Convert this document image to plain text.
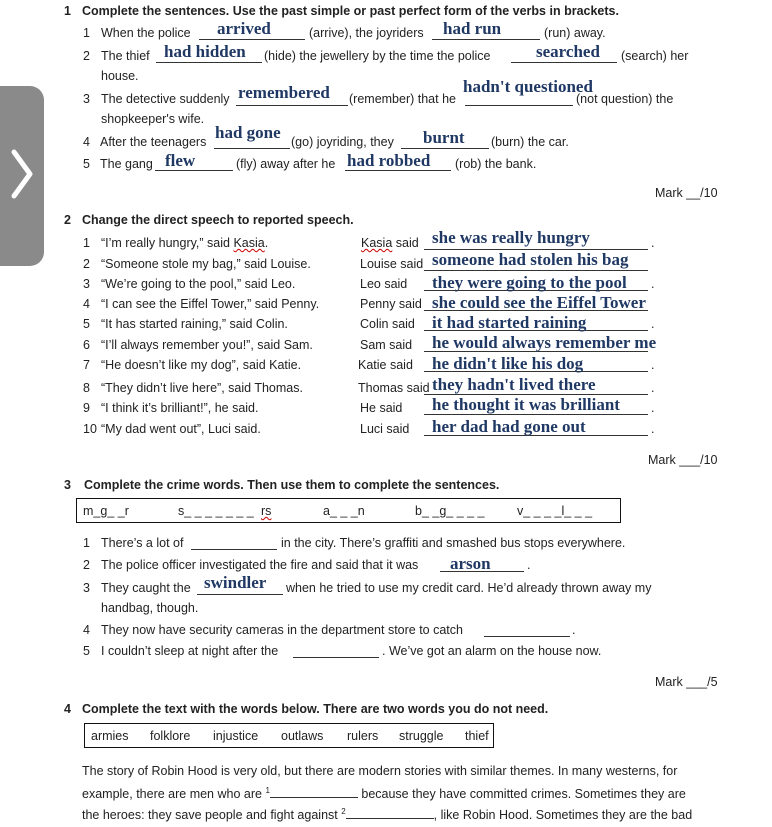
1 Complete the sentences. Use the past simple or past perfect form of the verbs in brackets.
1 When the police arrived	(arrive), the joyriders had run	(run) away.
2 The thief had hidden (hide) the jewellery by the time the police	searched (search) her
house.
3 The detective suddenly remembered (remember) that he
hadn't questioned
(not question) the
shopkeeper's wife.
4 After the teenagers had gone (go) joyriding, they burnt (burn) the car.
5 The gang flew	(fly) away after he had robbed (rob) the bank.
Mark __/10
2 Change the direct speech to reported speech.
1 “I’m really hungry,” said Kasia.	Kasia said she was really hungry	.
2 “Someone stole my bag,” said Louise.	Louise said someone had stolen his bag
3 “We’re going to the pool,” said Leo.	Leo said they were going to the pool .
4 “I can see the Eiffel Tower,” said Penny.	Penny said she could see the Eiffel Tower
5 “It has started raining,” said Colin.	Colin said it had started raining	.
6 “I’ll always remember you!”, said Sam.	Sam said he would always remember me
7 “He doesn’t like my dog”, said Katie.	Katie said he didn't like his dog	.
8 “They didn’t live here”, said Thomas.	Thomas said they hadn't lived there	.
9 “I think it’s brilliant!”, he said.	He said he thought it was brilliant .
10 “My dad went out”, Luci said.	Luci said her dad had gone out	.
Mark ___/10
3 Complete the crime words. Then use them to complete the sentences.
m_g_ _r	s_ _ _ _ _ _ _ rs	a_ _ _n	b_ _g_ _ _ _	v_ _ _ _l_ _ _
1 There’s a lot of	in the city. There’s graffiti and smashed bus stops everywhere.
2 The police officer investigated the fire and said that it was arson	.
3 They caught the swindler when he tried to use my credit card. He’d already thrown away my
handbag, though.
4 They now have security cameras in the department store to catch	.
5 I couldn’t sleep at night after the	. We’ve got an alarm on the house now.
Mark ___/5
4 Complete the text with the words below. There are two words you do not need.
armies folklore injustice outlaws rulers struggle thief
The story of Robin Hood is very old, but there are modern stories with similar themes. In many westerns, for
example, there are men who are $^1$	because they have committed crimes. Sometimes they are
the heroes: they save people and fight against $^2$	, like Robin Hood. Sometimes they are the bad
